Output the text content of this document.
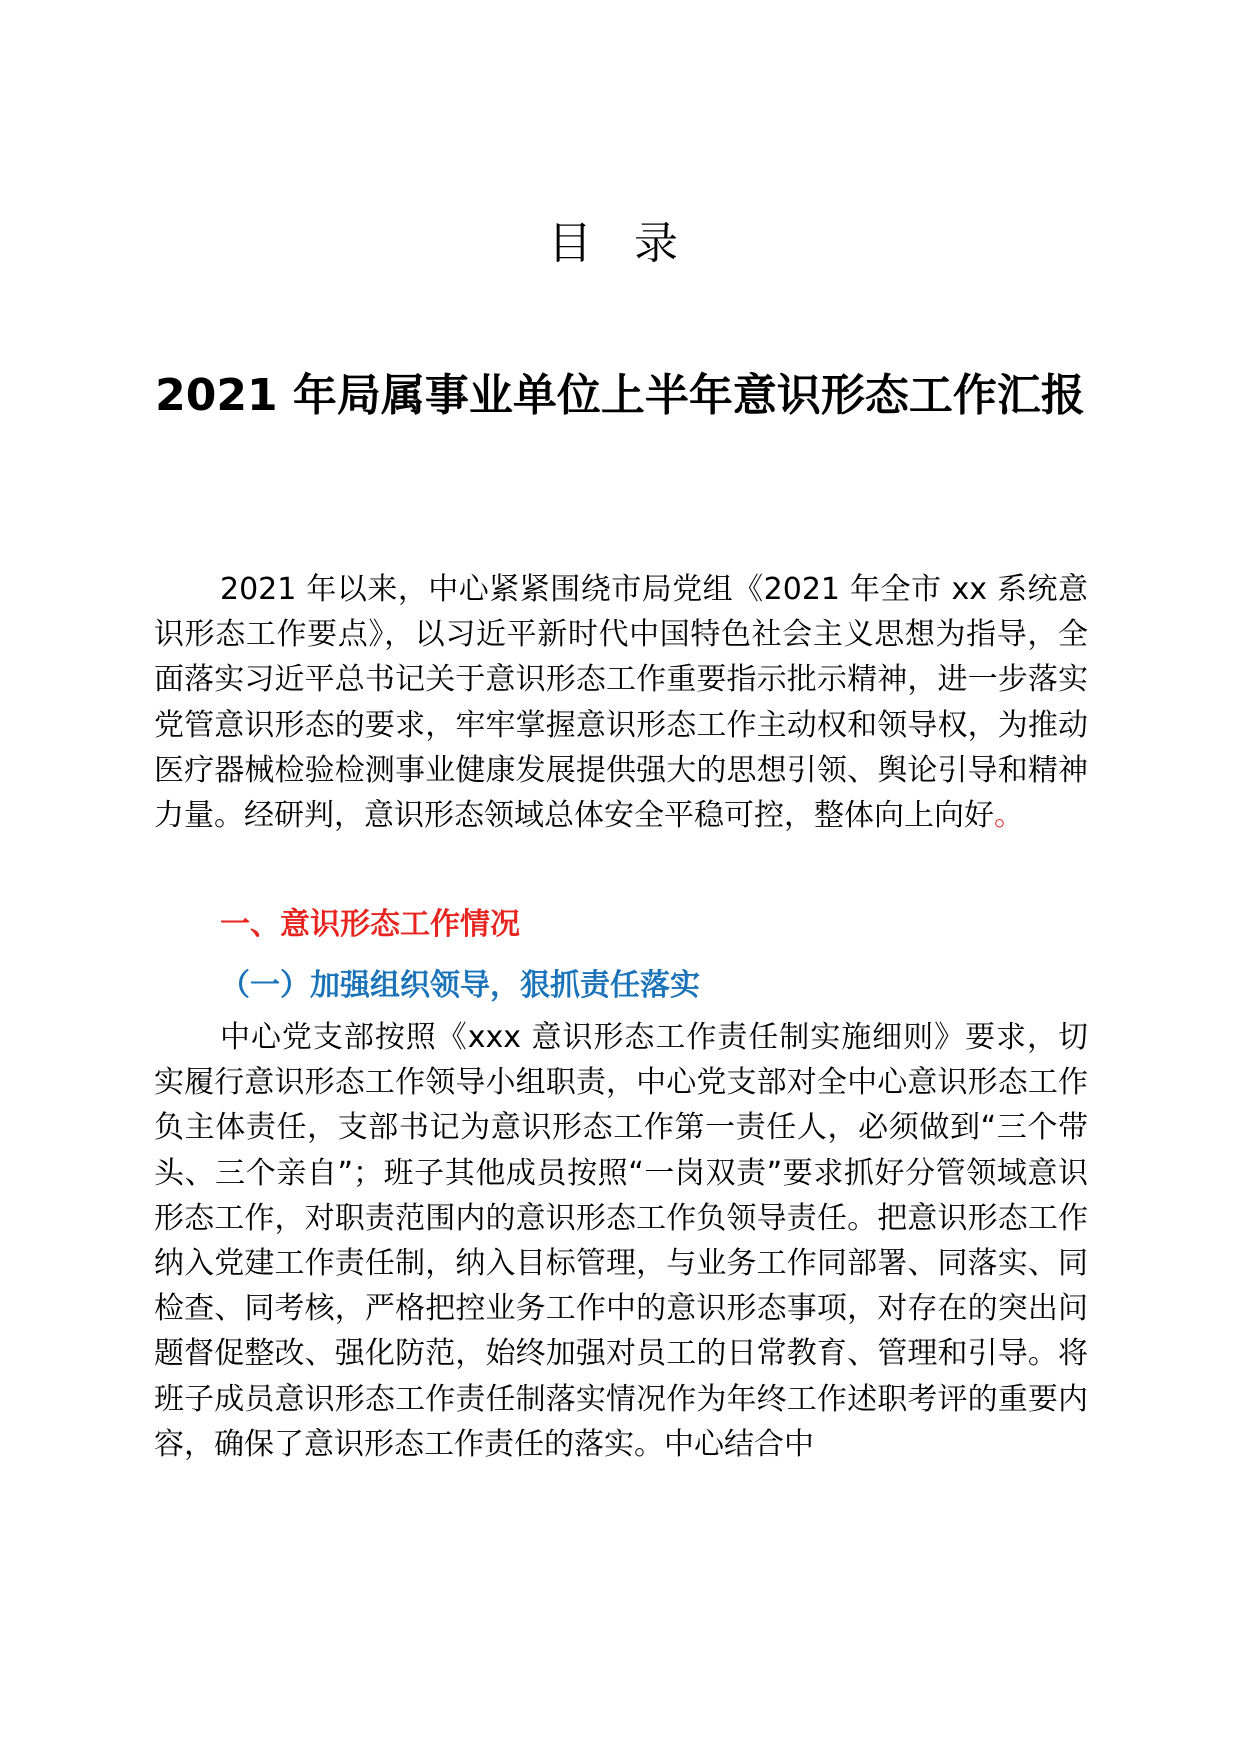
目 录
2021 年局属事业单位上半年意识形态工作汇报

2021 年以来，中心紧紧围绕市局党组《2021 年全市 xx 系统意识形态工作要点》，以习近平新时代中国特色社会主义思想为指导，全面落实习近平总书记关于意识形态工作重要指示批示精神，进一步落实党管意识形态的要求，牢牢掌握意识形态工作主动权和领导权，为推动医疗器械检验检测事业健康发展提供强大的思想引领、舆论引导和精神力量。经研判，意识形态领域总体安全平稳可控，整体向上向好。

一、意识形态工作情况
（一）加强组织领导，狠抓责任落实

中心党支部按照《xxx 意识形态工作责任制实施细则》要求，切实履行意识形态工作领导小组职责，中心党支部对全中心意识形态工作负主体责任，支部书记为意识形态工作第一责任人，必须做到“三个带头、三个亲自”；班子其他成员按照“一岗双责”要求抓好分管领域意识形态工作，对职责范围内的意识形态工作负领导责任。把意识形态工作纳入党建工作责任制，纳入目标管理，与业务工作同部署、同落实、同检查、同考核，严格把控业务工作中的意识形态事项，对存在的突出问题督促整改、强化防范，始终加强对员工的日常教育、管理和引导。将班子成员意识形态工作责任制落实情况作为年终工作述职考评的重要内容，确保了意识形态工作责任的落实。中心结合中
